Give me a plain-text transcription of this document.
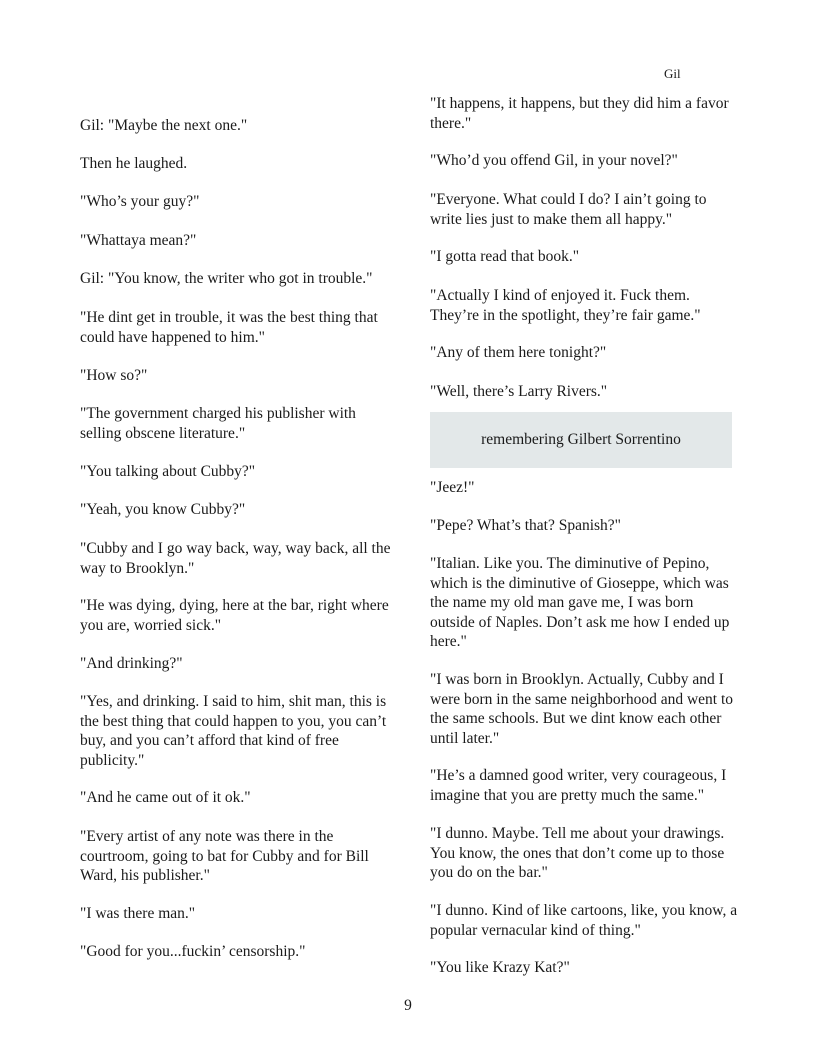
Gil

Gil: "Maybe the next one."

Then he laughed.

"Who’s your guy?"

"Whattaya mean?"

Gil: "You know, the writer who got in trouble."

"He dint get in trouble, it was the best thing that could have happened to him."

"How so?"

"The government charged his publisher with selling obscene literature."

"You talking about Cubby?"

"Yeah, you know Cubby?"

"Cubby and I go way back, way, way back, all the way to Brooklyn."

"He was dying, dying, here at the bar, right where you are, worried sick."

"And drinking?"

"Yes, and drinking. I said to him, shit man, this is the best thing that could happen to you, you can’t buy, and you can’t afford that kind of free publicity."

"And he came out of it ok."

"Every artist of any note was there in the courtroom, going to bat for Cubby and for Bill Ward, his publisher."

"I was there man."

"Good for you...fuckin’ censorship."

"It happens, it happens, but they did him a favor there."

"Who’d you offend Gil, in your novel?"

"Everyone. What could I do? I ain’t going to write lies just to make them all happy."

"I gotta read that book."

"Actually I kind of enjoyed it. Fuck them. They’re in the spotlight, they’re fair game."

"Any of them here tonight?"

"Well, there’s Larry Rivers."

"Jeez!"

"Pepe? What’s that? Spanish?"

"Italian. Like you. The diminutive of Pepino, which is the diminutive of Gioseppe, which was the name my old man gave me, I was born outside of Naples. Don’t ask me how I ended up here."

"I was born in Brooklyn. Actually, Cubby and I were born in the same neighborhood and went to the same schools. But we dint know each other until later."

"He’s a damned good writer, very courageous, I imagine that you are pretty much the same."

"I dunno. Maybe. Tell me about your drawings. You know, the ones that don’t come up to those you do on the bar."

"I dunno. Kind of like cartoons, like, you know, a popular vernacular kind of thing."

"You like Krazy Kat?"

remembering Gilbert Sorrentino
9
